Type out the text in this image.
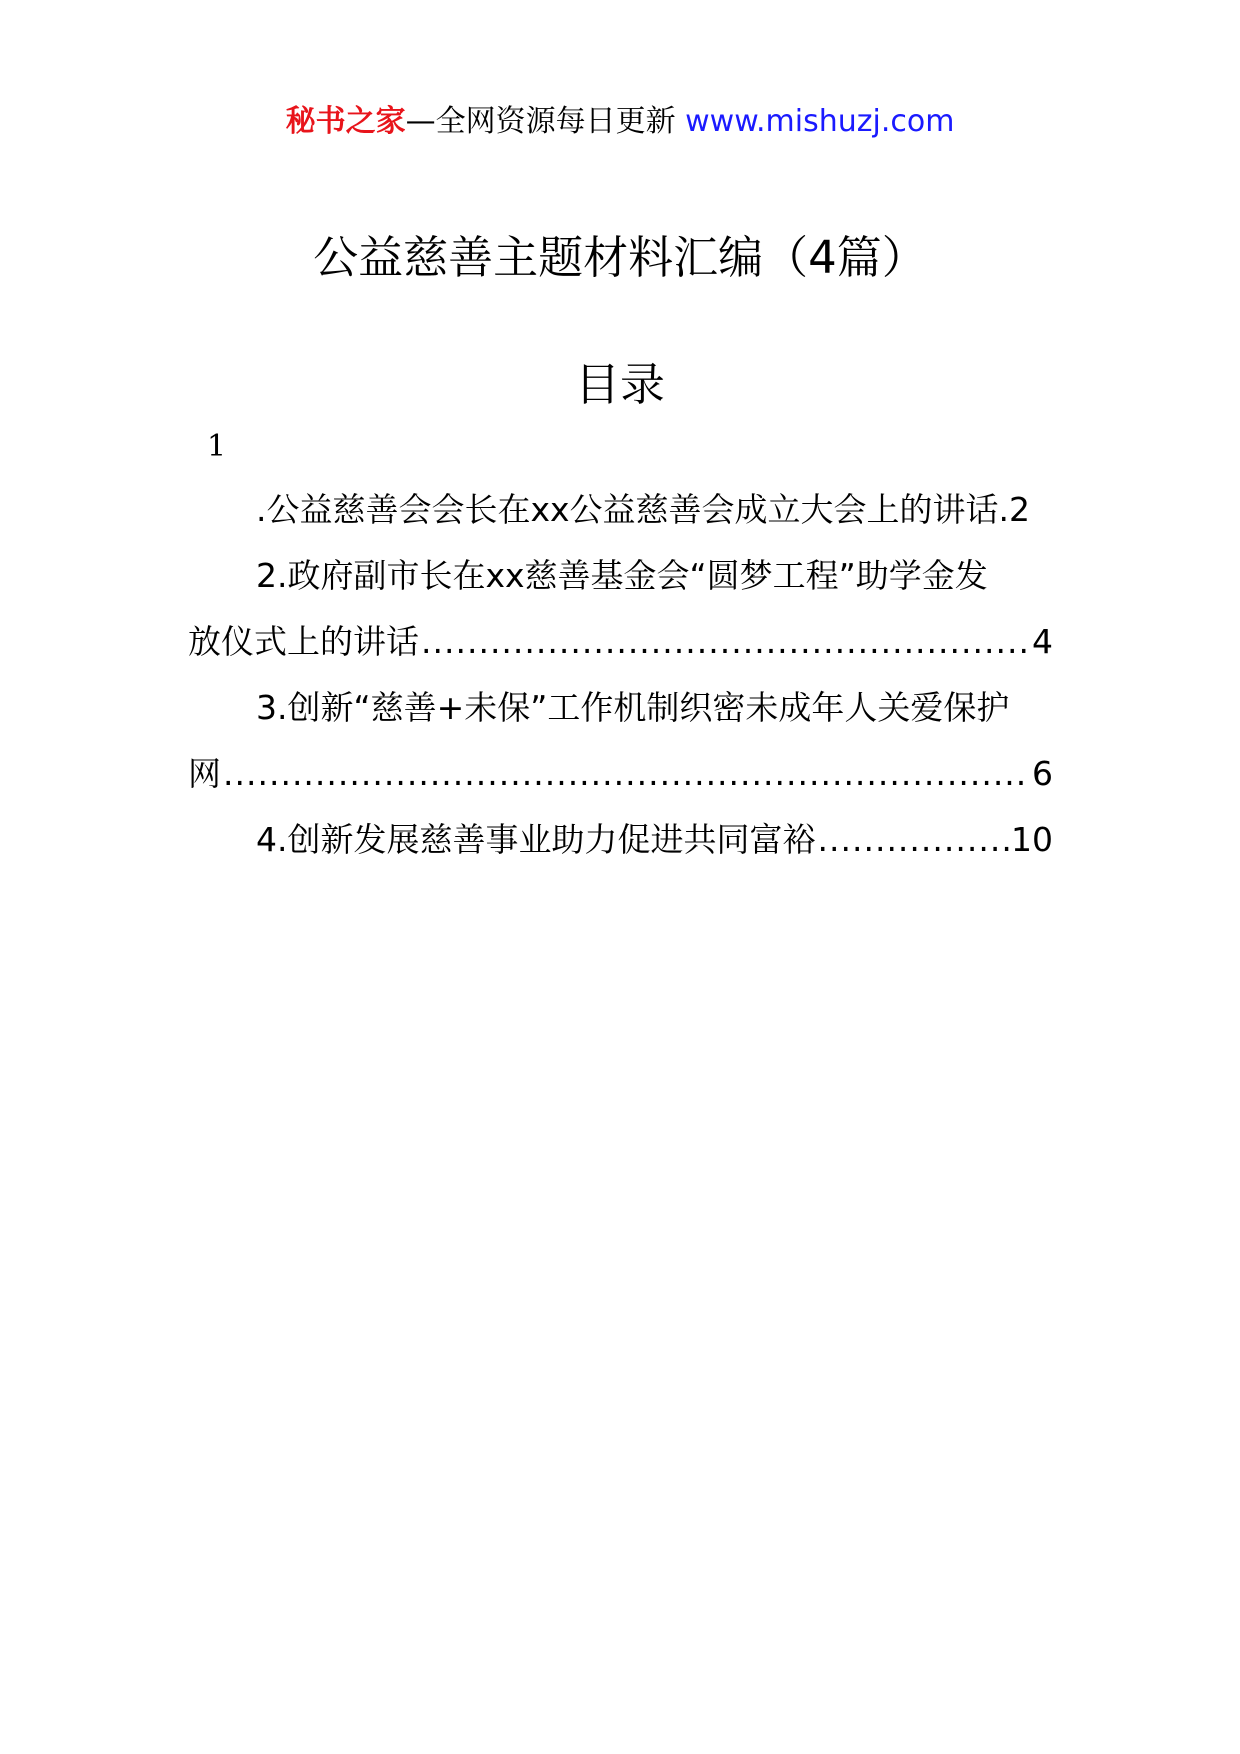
秘书之家—全网资源每日更新 www.mishuzj.com
公益慈善主题材料汇编（4篇）
目录
1
.公益慈善会会长在xx公益慈善会成立大会上的讲话. 2
2.政府副市长在xx慈善基金会“圆梦工程”助学金发
放仪式上的讲话 .....	4
3.创新“慈善+未保”工作机制织密未成年人关爱保护
网 .....	6
4.创新发展慈善事业助力促进共同富裕 .....	10
